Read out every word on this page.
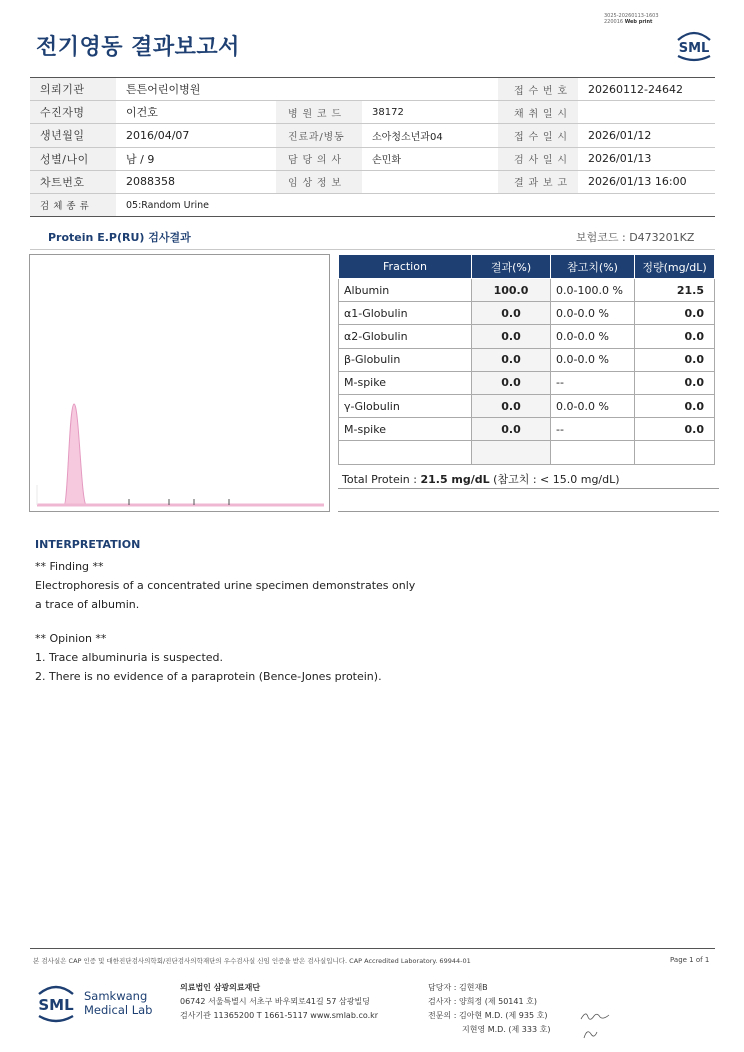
전기영동 결과보고서
3025-20260113-1603
220016 Web print
SML
의뢰기관	튼튼어린이병원			접 수 번 호	20260112-24642
수진자명	이건호	병 원 코 드	38172	채 취 일 시	
생년월일	2016/04/07	진료과/병동	소아청소년과04	접 수 일 시	2026/01/12
성별/나이	남 / 9	담 당 의 사	손민화	검 사 일 시	2026/01/13
차트번호	2088358	임 상 정 보		결 과 보 고	2026/01/13 16:00
검 체 종 류	05:Random Urine				
Protein E.P(RU) 검사결과	보험코드 : D473201KZ
Fraction	결과(%)	참고치(%)	정량(mg/dL)
Albumin	100.0	0.0-100.0 %	21.5
α1-Globulin	0.0	0.0-0.0 %	0.0
α2-Globulin	0.0	0.0-0.0 %	0.0
β-Globulin	0.0	0.0-0.0 %	0.0
M-spike	0.0	--	0.0
γ-Globulin	0.0	0.0-0.0 %	0.0
M-spike	0.0	--	0.0

Total Protein : 21.5 mg/dL (참고치 : < 15.0 mg/dL)
INTERPRETATION
** Finding **
Electrophoresis of a concentrated urine specimen demonstrates only
a trace of albumin.
** Opinion **
1. Trace albuminuria is suspected.
2. There is no evidence of a paraprotein (Bence-Jones protein).
본 검사실은 CAP 인증 및 대한진단검사의학회/진단검사의학재단의 우수검사실 신임 인증을 받은 검사실입니다. CAP Accredited Laboratory. 69944-01	Page 1 of 1
SML Samkwang
Medical Lab
의료법인 삼광의료재단
06742 서울특별시 서초구 바우뫼로41길 57 삼광빌딩
검사기관 11365200 T 1661-5117 www.smlab.co.kr
담당자 : 김현재B
검사자 : 양희정 (제 50141 호)
전문의 : 김아현 M.D. (제 935 호)
지현영 M.D. (제 333 호)
